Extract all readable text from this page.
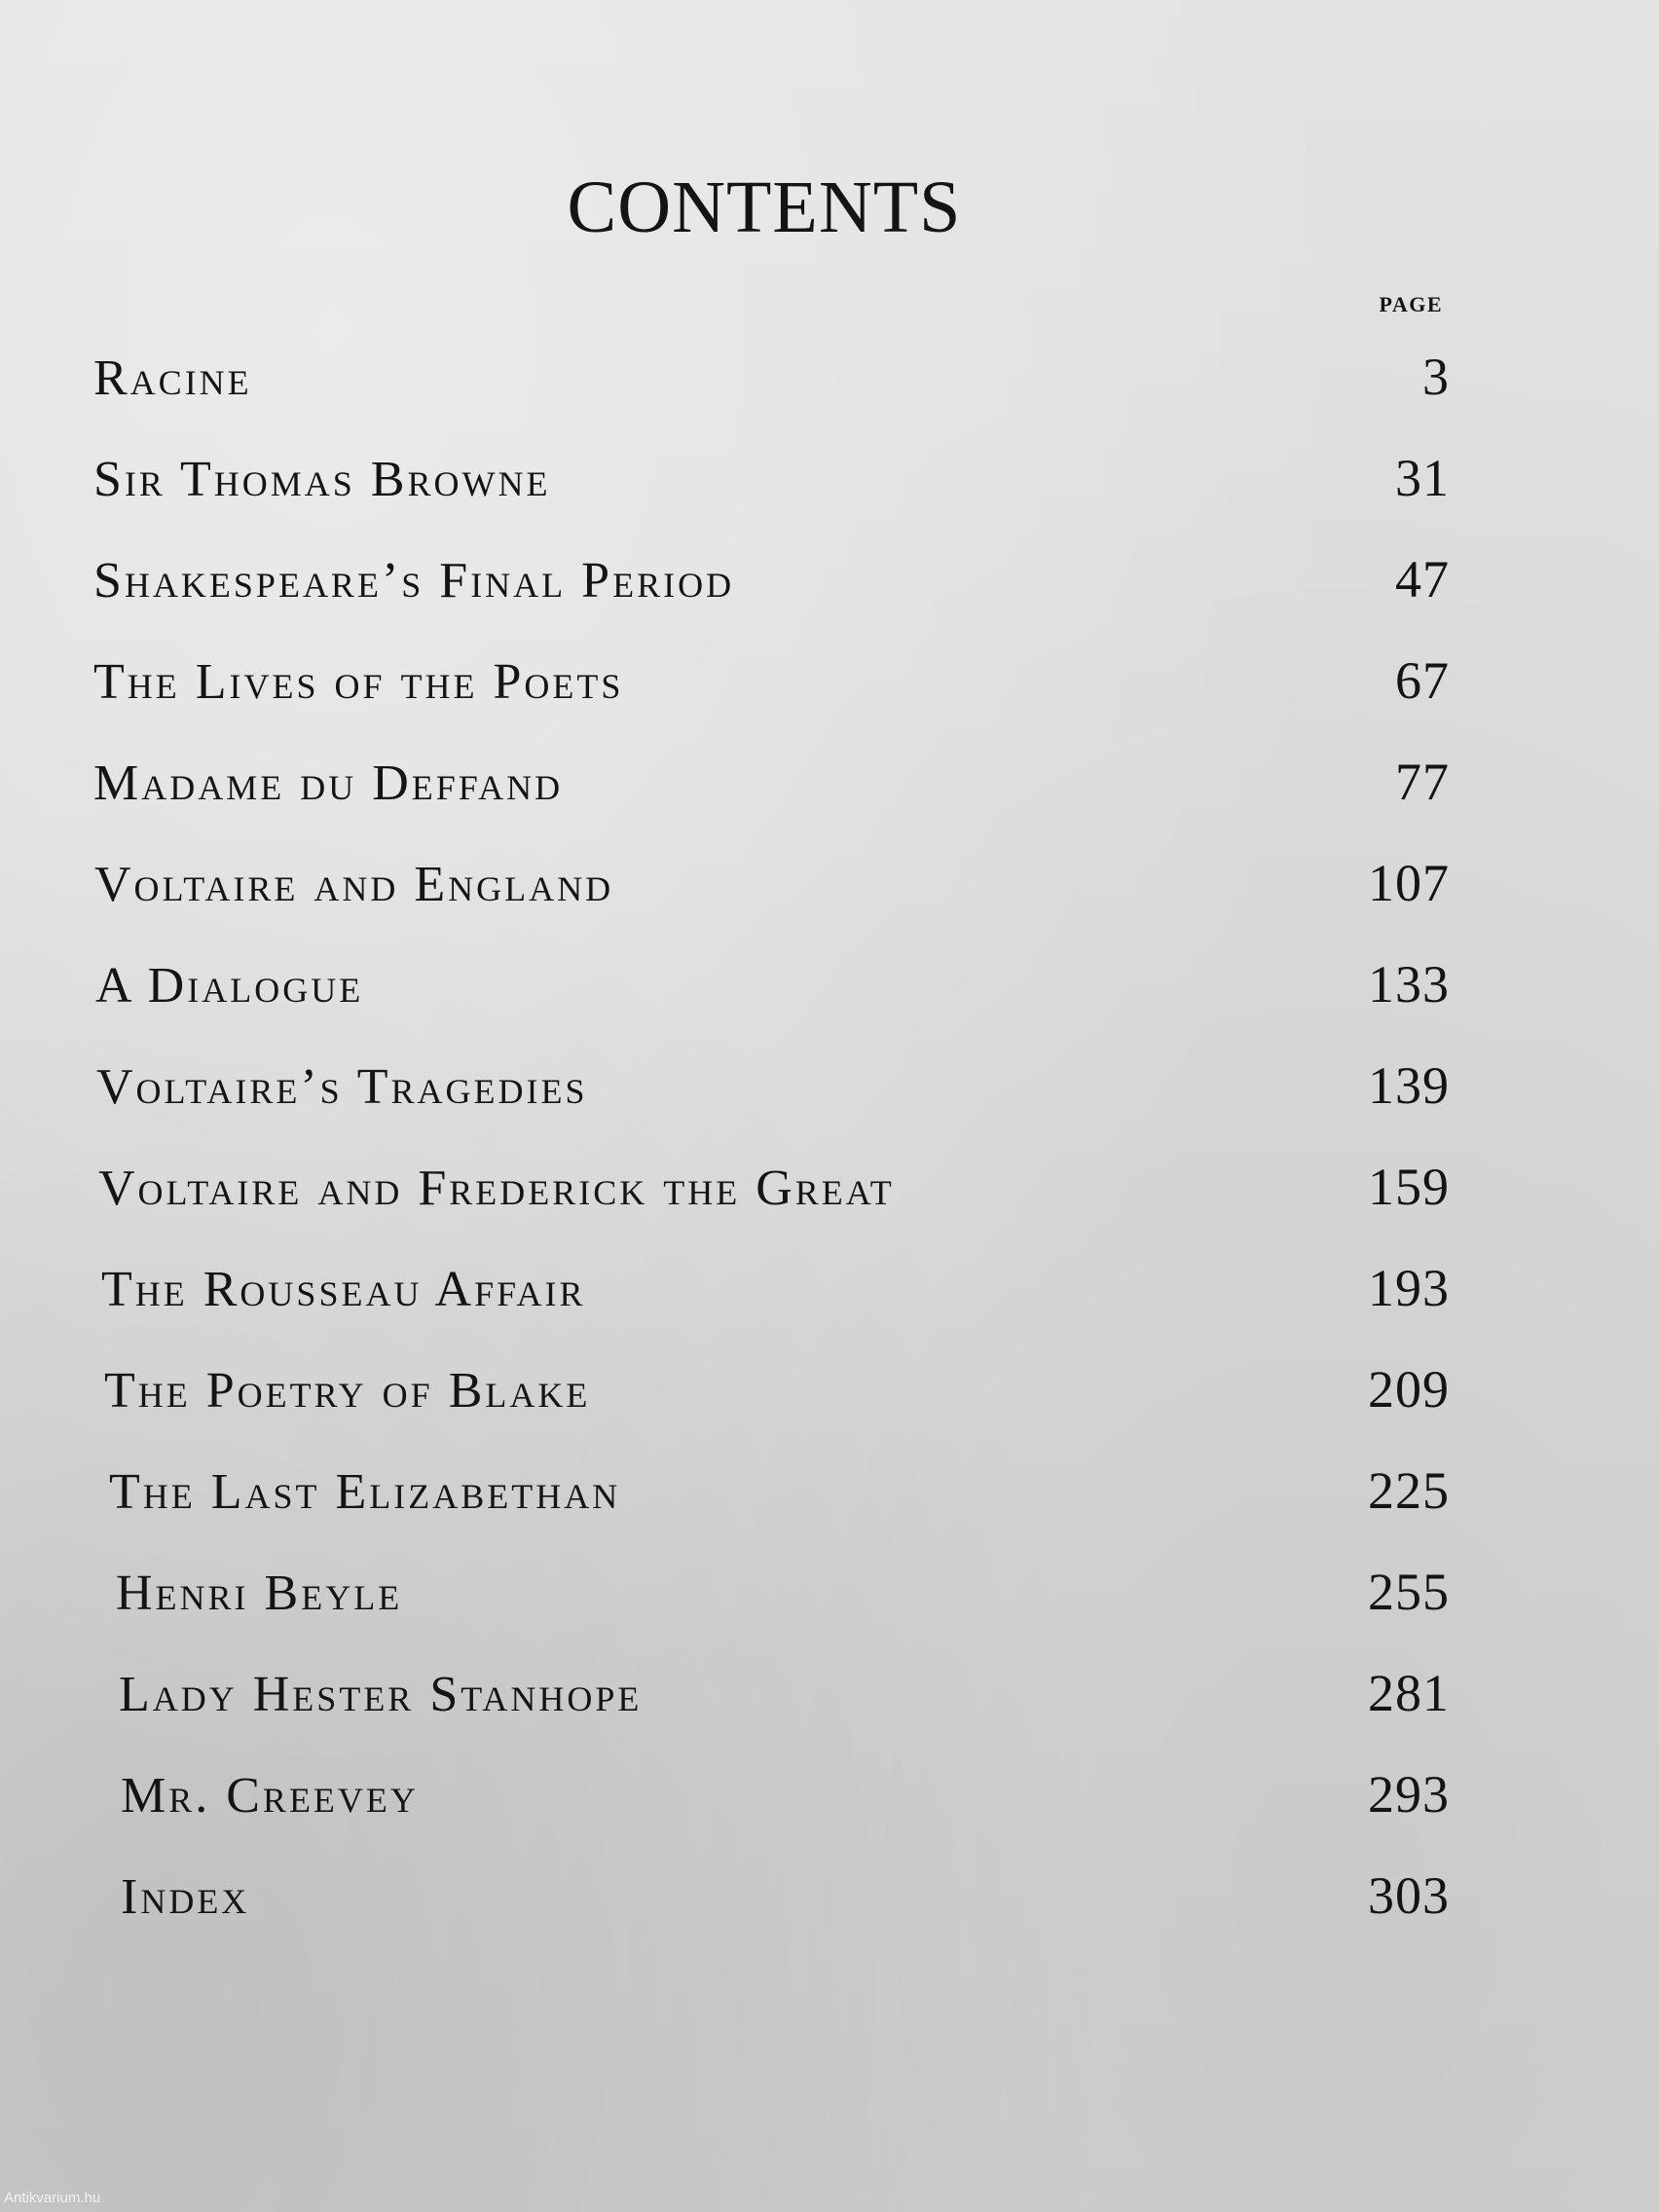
CONTENTS
PAGE
Racine	3
Sir Thomas Browne	31
Shakespeare’s Final Period	47
The Lives of the Poets	67
Madame du Deffand	77
Voltaire and England	107
A Dialogue	133
Voltaire’s Tragedies	139
Voltaire and Frederick the Great	159
The Rousseau Affair	193
The Poetry of Blake	209
The Last Elizabethan	225
Henri Beyle	255
Lady Hester Stanhope	281
Mr. Creevey	293
Index	303
Antikvarium.hu
